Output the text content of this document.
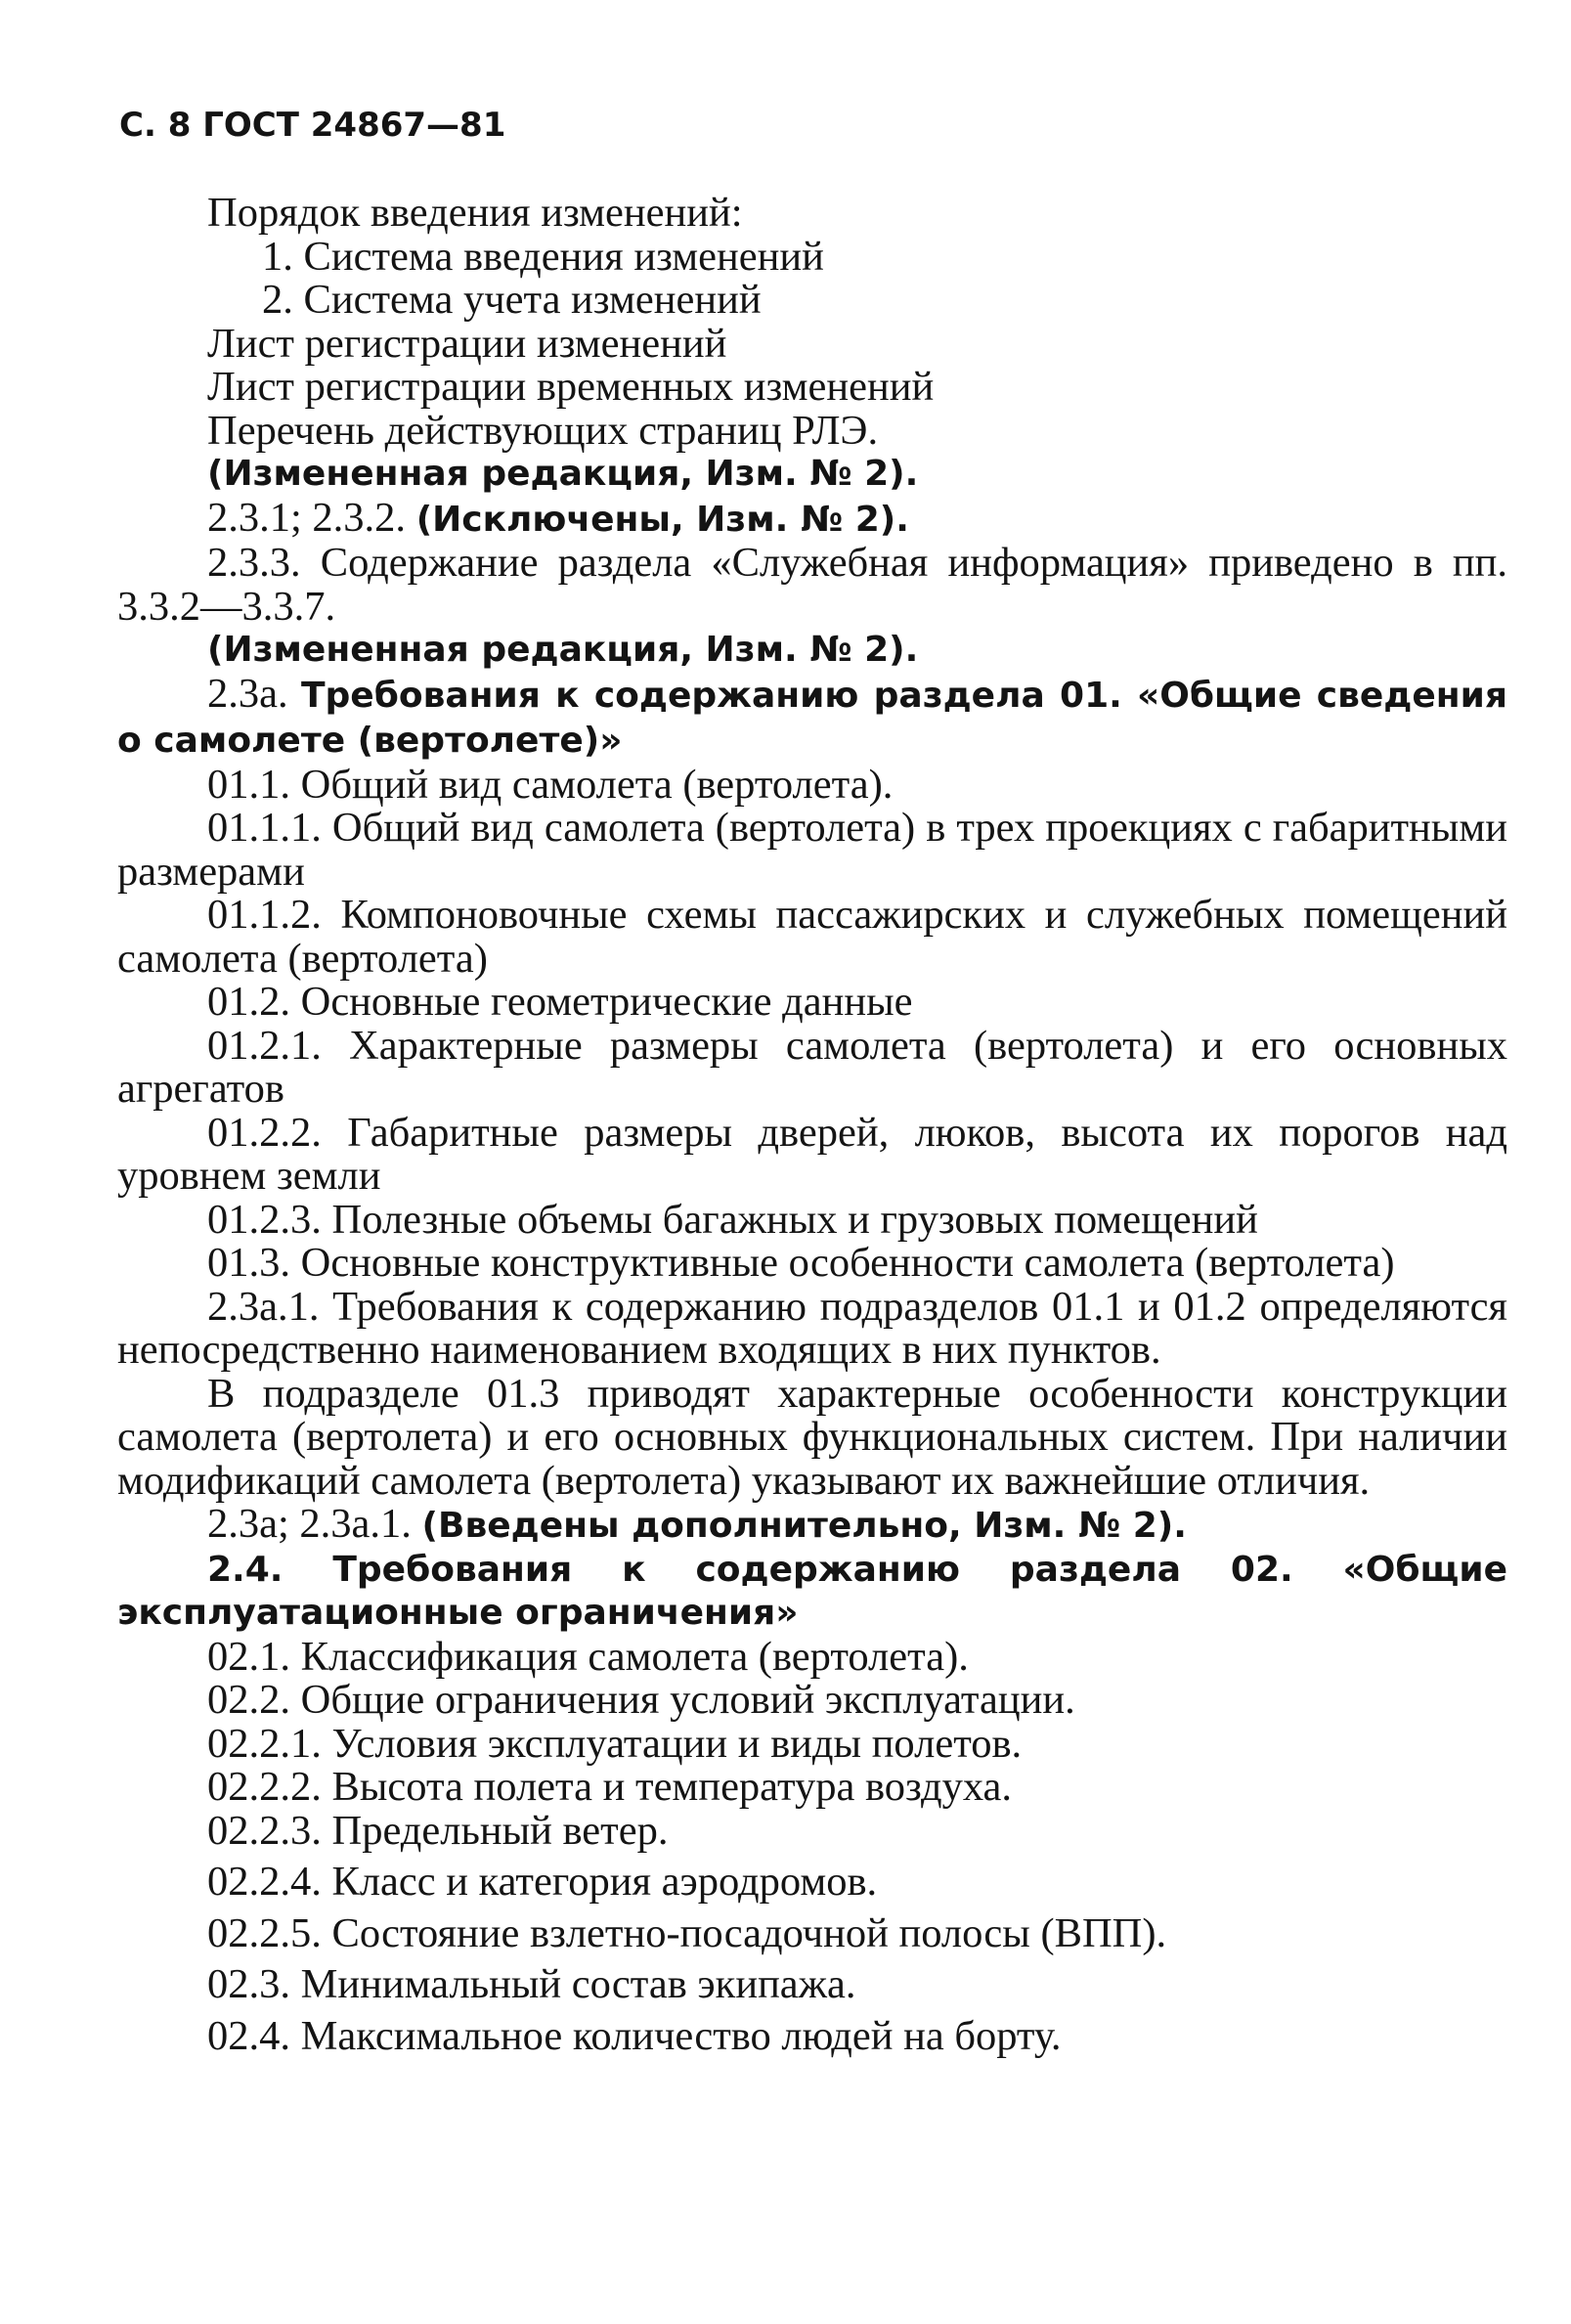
С. 8 ГОСТ 24867—81

Порядок введения изменений:

1. Система введения изменений

2. Система учета изменений

Лист регистрации изменений

Лист регистрации временных изменений

Перечень действующих страниц РЛЭ.

(Измененная редакция, Изм. № 2).

2.3.1; 2.3.2. (Исключены, Изм. № 2).

2.3.3. Содержание раздела «Служебная информация» приведено в пп. 3.3.2—3.3.7.

(Измененная редакция, Изм. № 2).

2.3а. Требования к содержанию раздела 01. «Общие сведения о самолете (вертолете)»

01.1. Общий вид самолета (вертолета).

01.1.1. Общий вид самолета (вертолета) в трех проекциях с габаритными размерами

01.1.2. Компоновочные схемы пассажирских и служебных помещений самолета (вертолета)

01.2. Основные геометрические данные

01.2.1. Характерные размеры самолета (вертолета) и его основных агрегатов

01.2.2. Габаритные размеры дверей, люков, высота их порогов над уровнем земли

01.2.3. Полезные объемы багажных и грузовых помещений

01.3. Основные конструктивные особенности самолета (вертолета)

2.3а.1. Требования к содержанию подразделов 01.1 и 01.2 определяются непосредственно наименованием входящих в них пунктов.

В подразделе 01.3 приводят характерные особенности конструкции самолета (вертолета) и его основных функциональных систем. При наличии модификаций самолета (вертолета) указывают их важнейшие отличия.

2.3а; 2.3а.1. (Введены дополнительно, Изм. № 2).

2.4. Требования к содержанию раздела 02. «Общие эксплуатационные ограничения»

02.1. Классификация самолета (вертолета).

02.2. Общие ограничения условий эксплуатации.

02.2.1. Условия эксплуатации и виды полетов.

02.2.2. Высота полета и температура воздуха.

02.2.3. Предельный ветер.

02.2.4. Класс и категория аэродромов.

02.2.5. Состояние взлетно-посадочной полосы (ВПП).

02.3. Минимальный состав экипажа.

02.4. Максимальное количество людей на борту.
